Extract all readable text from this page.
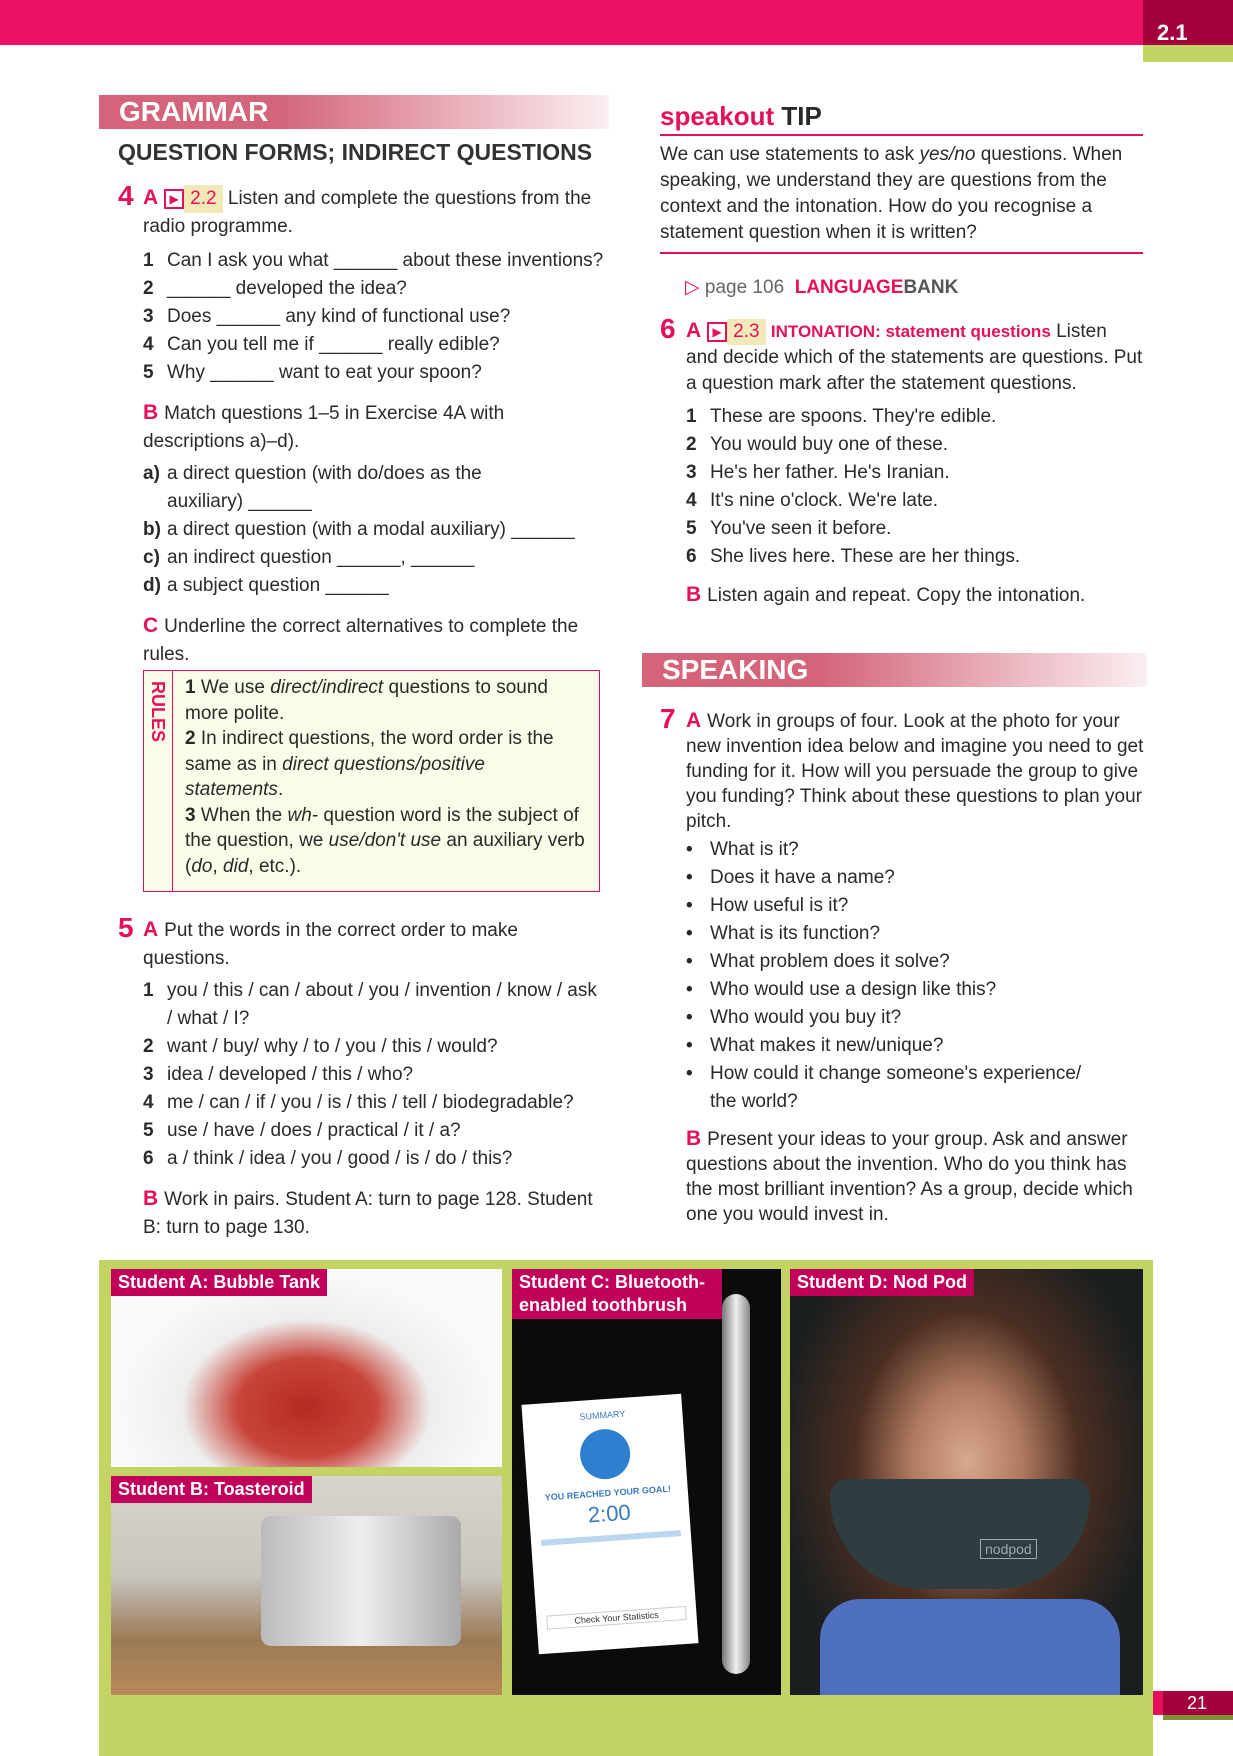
2.1
GRAMMAR
QUESTION FORMS; INDIRECT QUESTIONS
4 A ▶ 2.2 Listen and complete the questions from the radio programme.
1 Can I ask you what ______ about these inventions?
2 ______ developed the idea?
3 Does ______ any kind of functional use?
4 Can you tell me if ______ really edible?
5 Why ______ want to eat your spoon?
B Match questions 1–5 in Exercise 4A with descriptions a)–d).
a) a direct question (with do/does as the auxiliary) ______
b) a direct question (with a modal auxiliary) ______
c) an indirect question ______, ______
d) a subject question ______
C Underline the correct alternatives to complete the rules.
RULES 1 We use direct/indirect questions to sound more polite.
2 In indirect questions, the word order is the same as in direct questions/positive statements.
3 When the wh- question word is the subject of the question, we use/don't use an auxiliary verb (do, did, etc.).
5 A Put the words in the correct order to make questions.
1 you / this / can / about / you / invention / know / ask / what / I?
2 want / buy/ why / to / you / this / would?
3 idea / developed / this / who?
4 me / can / if / you / is / this / tell / biodegradable?
5 use / have / does / practical / it / a?
6 a / think / idea / you / good / is / do / this?
B Work in pairs. Student A: turn to page 128. Student B: turn to page 130.
speakout TIP
We can use statements to ask yes/no questions. When speaking, we understand they are questions from the context and the intonation. How do you recognise a statement question when it is written?
▷ page 106 LANGUAGEBANK
6 A ▶ 2.3 INTONATION: statement questions Listen and decide which of the statements are questions. Put a question mark after the statement questions.
1 These are spoons. They're edible.
2 You would buy one of these.
3 He's her father. He's Iranian.
4 It's nine o'clock. We're late.
5 You've seen it before.
6 She lives here. These are her things.
B Listen again and repeat. Copy the intonation.
SPEAKING
7 A Work in groups of four. Look at the photo for your new invention idea below and imagine you need to get funding for it. How will you persuade the group to give you funding? Think about these questions to plan your pitch.
• What is it?
• Does it have a name?
• How useful is it?
• What is its function?
• What problem does it solve?
• Who would use a design like this?
• Who would you buy it?
• What makes it new/unique?
• How could it change someone's experience/ the world?
B Present your ideas to your group. Ask and answer questions about the invention. Who do you think has the most brilliant invention? As a group, decide which one you would invest in.
Student A: Bubble Tank
Student B: Toasteroid
Student C: Bluetooth-enabled toothbrush
SUMMARY
YOU REACHED YOUR GOAL!
2:00
Check Your Statistics
Student D: Nod Pod
nodpod
21
